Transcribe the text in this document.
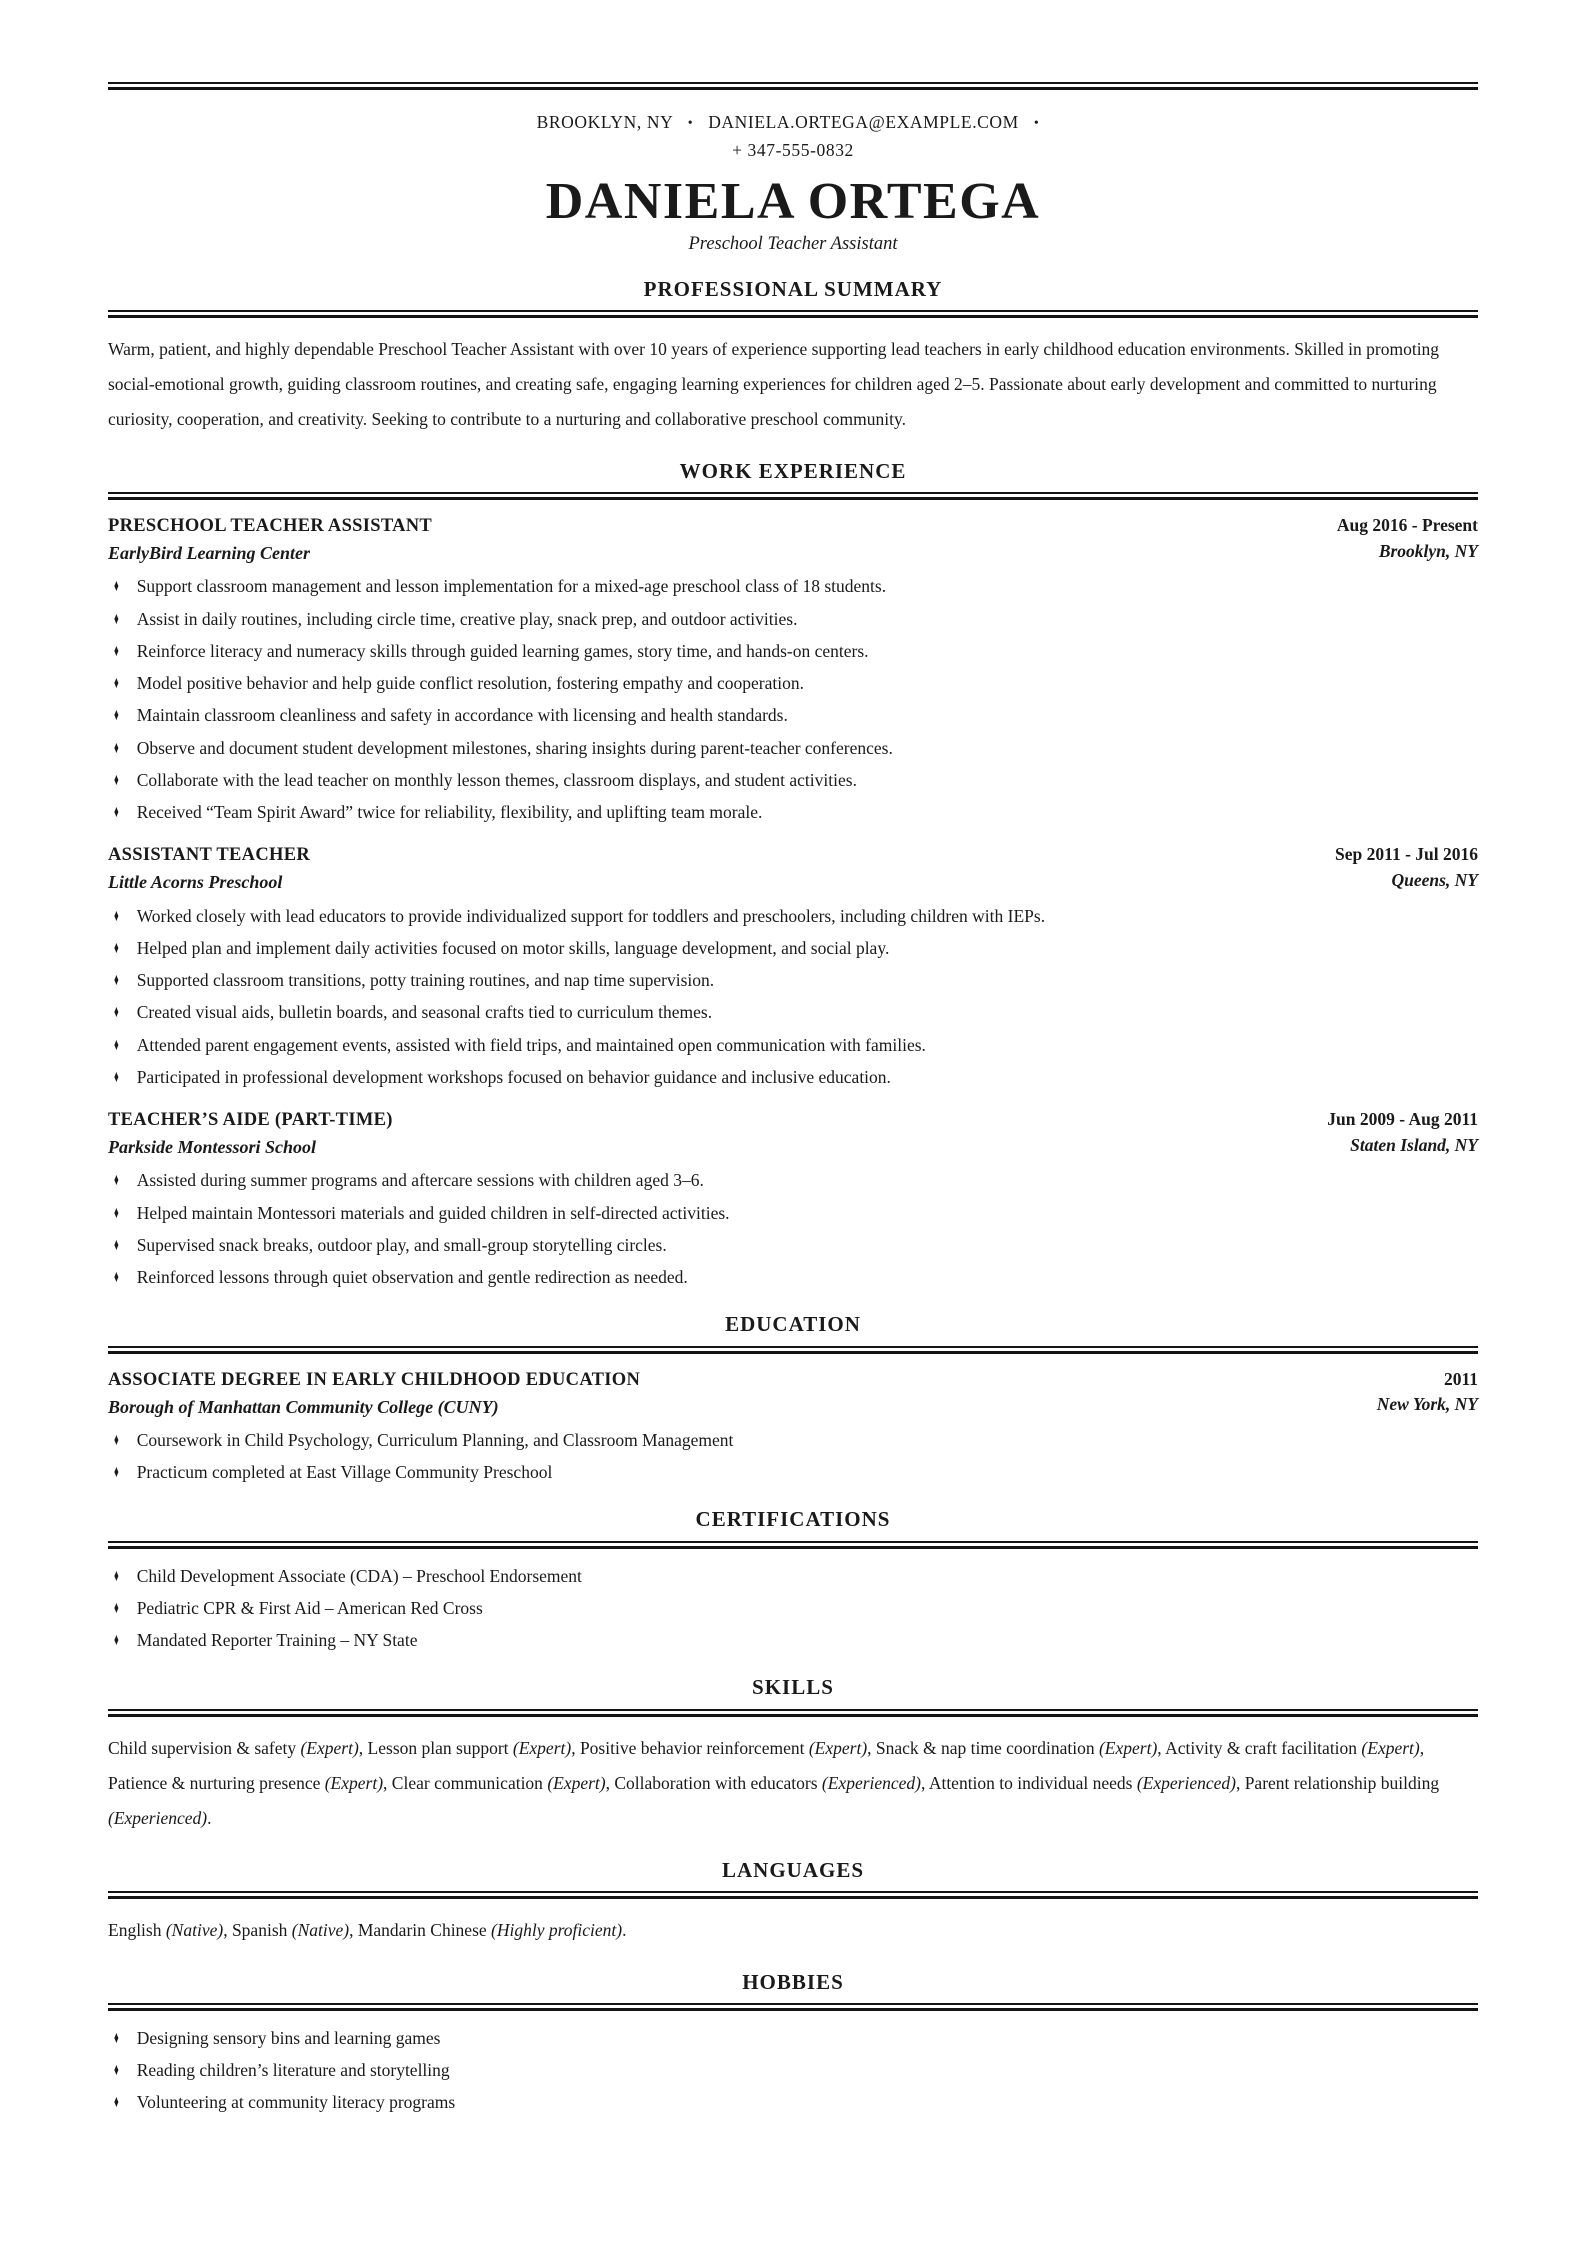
BROOKLYN, NY • DANIELA.ORTEGA@EXAMPLE.COM •
+ 347-555-0832
DANIELA ORTEGA
Preschool Teacher Assistant
PROFESSIONAL SUMMARY

Warm, patient, and highly dependable Preschool Teacher Assistant with over 10 years of experience supporting lead teachers in early childhood education environments. Skilled in promoting social-emotional growth, guiding classroom routines, and creating safe, engaging learning experiences for children aged 2–5. Passionate about early development and committed to nurturing curiosity, cooperation, and creativity. Seeking to contribute to a nurturing and collaborative preschool community.

WORK EXPERIENCE
PRESCHOOL TEACHER ASSISTANT
EarlyBird Learning Center
Aug 2016 - Present
Brooklyn, NY
♦ Support classroom management and lesson implementation for a mixed-age preschool class of 18 students.
♦ Assist in daily routines, including circle time, creative play, snack prep, and outdoor activities.
♦ Reinforce literacy and numeracy skills through guided learning games, story time, and hands-on centers.
♦ Model positive behavior and help guide conflict resolution, fostering empathy and cooperation.
♦ Maintain classroom cleanliness and safety in accordance with licensing and health standards.
♦ Observe and document student development milestones, sharing insights during parent-teacher conferences.
♦ Collaborate with the lead teacher on monthly lesson themes, classroom displays, and student activities.
♦ Received “Team Spirit Award” twice for reliability, flexibility, and uplifting team morale.
ASSISTANT TEACHER
Little Acorns Preschool
Sep 2011 - Jul 2016
Queens, NY
♦ Worked closely with lead educators to provide individualized support for toddlers and preschoolers, including children with IEPs.
♦ Helped plan and implement daily activities focused on motor skills, language development, and social play.
♦ Supported classroom transitions, potty training routines, and nap time supervision.
♦ Created visual aids, bulletin boards, and seasonal crafts tied to curriculum themes.
♦ Attended parent engagement events, assisted with field trips, and maintained open communication with families.
♦ Participated in professional development workshops focused on behavior guidance and inclusive education.
TEACHER’S AIDE (PART-TIME)
Parkside Montessori School
Jun 2009 - Aug 2011
Staten Island, NY
♦ Assisted during summer programs and aftercare sessions with children aged 3–6.
♦ Helped maintain Montessori materials and guided children in self-directed activities.
♦ Supervised snack breaks, outdoor play, and small-group storytelling circles.
♦ Reinforced lessons through quiet observation and gentle redirection as needed.
EDUCATION
ASSOCIATE DEGREE IN EARLY CHILDHOOD EDUCATION
Borough of Manhattan Community College (CUNY)
2011
New York, NY
♦ Coursework in Child Psychology, Curriculum Planning, and Classroom Management
♦ Practicum completed at East Village Community Preschool
CERTIFICATIONS
♦ Child Development Associate (CDA) – Preschool Endorsement
♦ Pediatric CPR & First Aid – American Red Cross
♦ Mandated Reporter Training – NY State
SKILLS

Child supervision & safety (Expert), Lesson plan support (Expert), Positive behavior reinforcement (Expert), Snack & nap time coordination (Expert), Activity & craft facilitation (Expert), Patience & nurturing presence (Expert), Clear communication (Expert), Collaboration with educators (Experienced), Attention to individual needs (Experienced), Parent relationship building (Experienced).

LANGUAGES

English (Native), Spanish (Native), Mandarin Chinese (Highly proficient).

HOBBIES
♦ Designing sensory bins and learning games
♦ Reading children’s literature and storytelling
♦ Volunteering at community literacy programs
